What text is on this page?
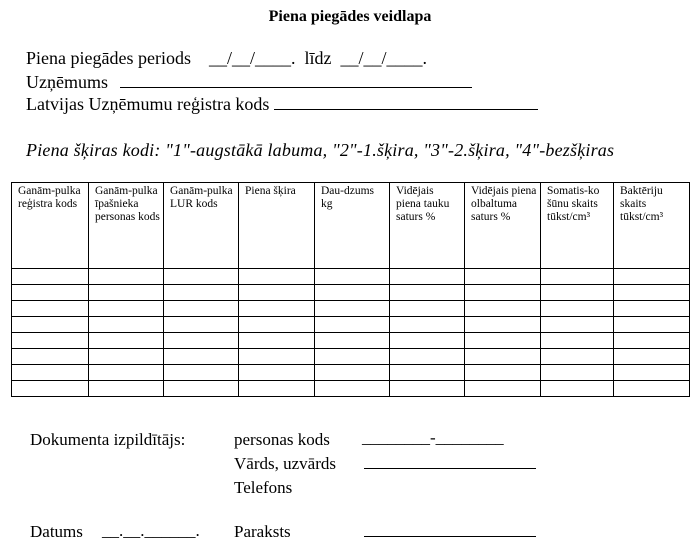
Piena piegādes veidlapa
Piena piegādes periods __/__/____. līdz __/__/____.
Uzņēmums
Latvijas Uzņēmumu reģistra kods
Piena šķiras kodi: "1"-augstākā labuma, "2"-1.šķira, "3"-2.šķira, "4"-bezšķiras
Ganām-pulka reģistra kods	Ganām-pulka īpašnieka personas kods	Ganām-pulka LUR kods	Piena šķira	Dau-dzums kg	Vidējais piena tauku saturs %	Vidējais piena olbaltuma saturs %	Somatis-ko šūnu skaits tūkst/cm³	Baktēriju skaits tūkst/cm³

Dokumenta izpildītājs:	personas kods ________-________
Vārds, uzvārds
Telefons
Datums __.__.______. Paraksts
